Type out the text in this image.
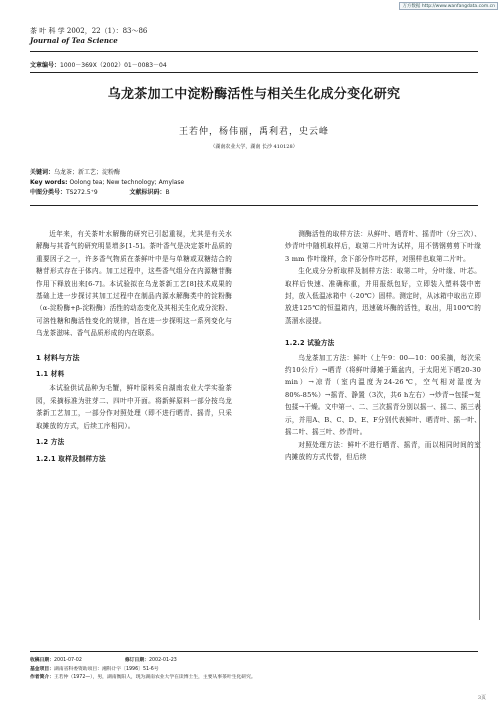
万方数据 http://www.wanfangdata.com.cn
茶 叶 科 学 2002，22（1）：83～86
Journal of Tea Science
文章编号：1000－369X（2002）01－0083－04
乌龙茶加工中淀粉酶活性与相关生化成分变化研究
王若仲，杨伟丽，禹利君，史云峰
（湖南农业大学，湖南 长沙 410128）
关键词：乌龙茶；新工艺；淀粉酶
Key words: Oolong tea; New technology; Amylase
中图分类号：TS272.5⁺9	文献标识码：B

近年来，有关茶叶水解酶的研究已引起重视，尤其是有关水解酶与其香气的研究明显增多[1-5]。茶叶香气是决定茶叶品质的重要因子之一，许多香气物质在茶鲜叶中是与单糖或双糖结合的糖苷形式存在于体内。加工过程中，这些香气组分在内源糖苷酶作用下释放出来[6-7]。本试验拟在乌龙茶新工艺[8]技术成果的基础上进一步探讨其加工过程中在制品内源水解酶类中的淀粉酶（α-淀粉酶+β-淀粉酶）活性的动态变化及其相关生化成分淀粉、可溶性糖和酶活性变化的规律，旨在进一步探明这一系列变化与乌龙茶滋味、香气品质形成的内在联系。

1 材料与方法
1.1 材料

本试验供试品种为毛蟹，鲜叶原料采自湖南农业大学实验茶园，采摘标准为驻芽二、四叶中开面。将新鲜原料一部分按乌龙茶新工艺加工，一部分作对照处理（即不进行晒青、摇青，只采取摊放的方式，后续工序相同）。

1.2 方法
1.2.1 取样及制样方法

测酶活性的取样方法：从鲜叶、晒青叶、摇青叶（分三次）、炒青叶中随机取样后，取第二片叶为试样，用不锈钢剪剪下叶缘 3 mm 作叶缘样，余下部分作叶芯样，对照样也取第二片叶。

生化成分分析取样及制样方法：取第二叶，分叶缘、叶芯。取样后快速、准确称重，并用报纸包好，立即装入塑料袋中密封，放入低温冰箱中（-20℃）固样。测定时，从冰箱中取出立即放进125℃的恒温箱内，迅速破坏酶的活性，取出，用100℃的蒸溜水浸提。

1.2.2 试验方法

乌龙茶加工方法：鲜叶（上午9：00—10：00采摘，每次采约10公斤）→晒青（将鲜叶薄摊于簸盆内，于太阳光下晒20-30 min）→凉青（室内温度为24-26℃，空气相对湿度为80%-85%）→摇青、静置（3次，共6 h左右）→炒青→包揉→复包揉→干燥。文中第一、二、三次摇青分别以摇一、摇二、摇三表示，并用A、B、C、D、E、F分别代表鲜叶、晒青叶、摇一叶、摇二叶、摇三叶、炒青叶。

对照处理方法：鲜叶不进行晒青、摇青，而以相同时间的室内摊放的方式代替，但后续

收稿日期：2001-07-02	修订日期：2002-01-23
基金项目：湖南省科委资助项目：湘科计字〔1996〕51-6号
作者简介：王若仲（1972—），男，湖南衡阳人，现为湖南农业大学在读博士生，主要从事茶叶生化研究。
3页
